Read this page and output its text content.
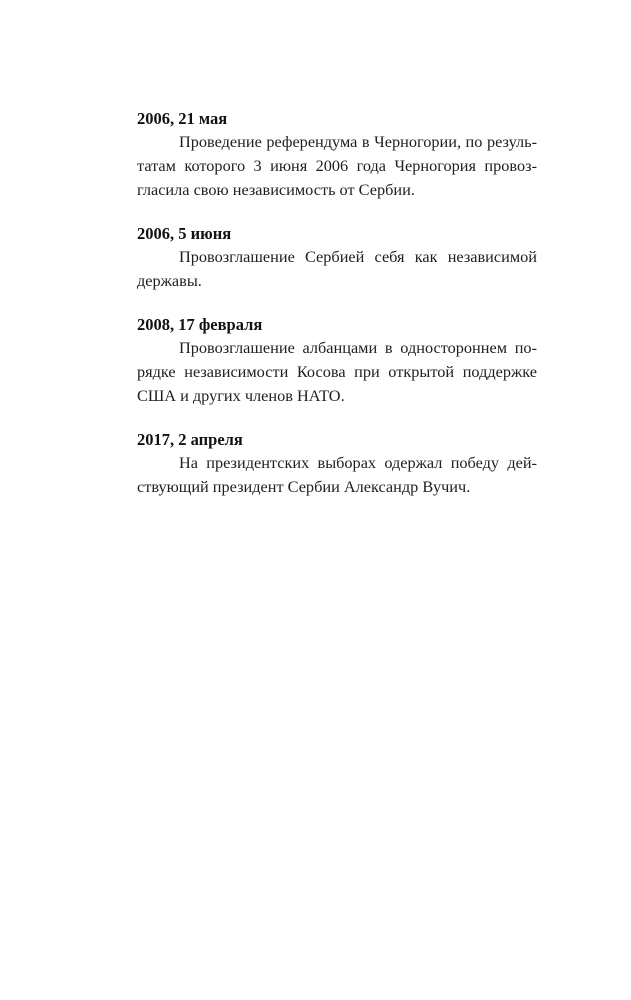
2006, 21 мая

Проведение референдума в Черногории, по резуль-
татам которого 3 июня 2006 года Черногория провоз-
гласила свою независимость от Сербии.

2006, 5 июня

Провозглашение Сербией себя как независимой
державы.

2008, 17 февраля

Провозглашение албанцами в одностороннем по-
рядке независимости Косова при открытой поддержке
США и других членов НАТО.

2017, 2 апреля

На президентских выборах одержал победу дей-
ствующий президент Сербии Александр Вучич.
